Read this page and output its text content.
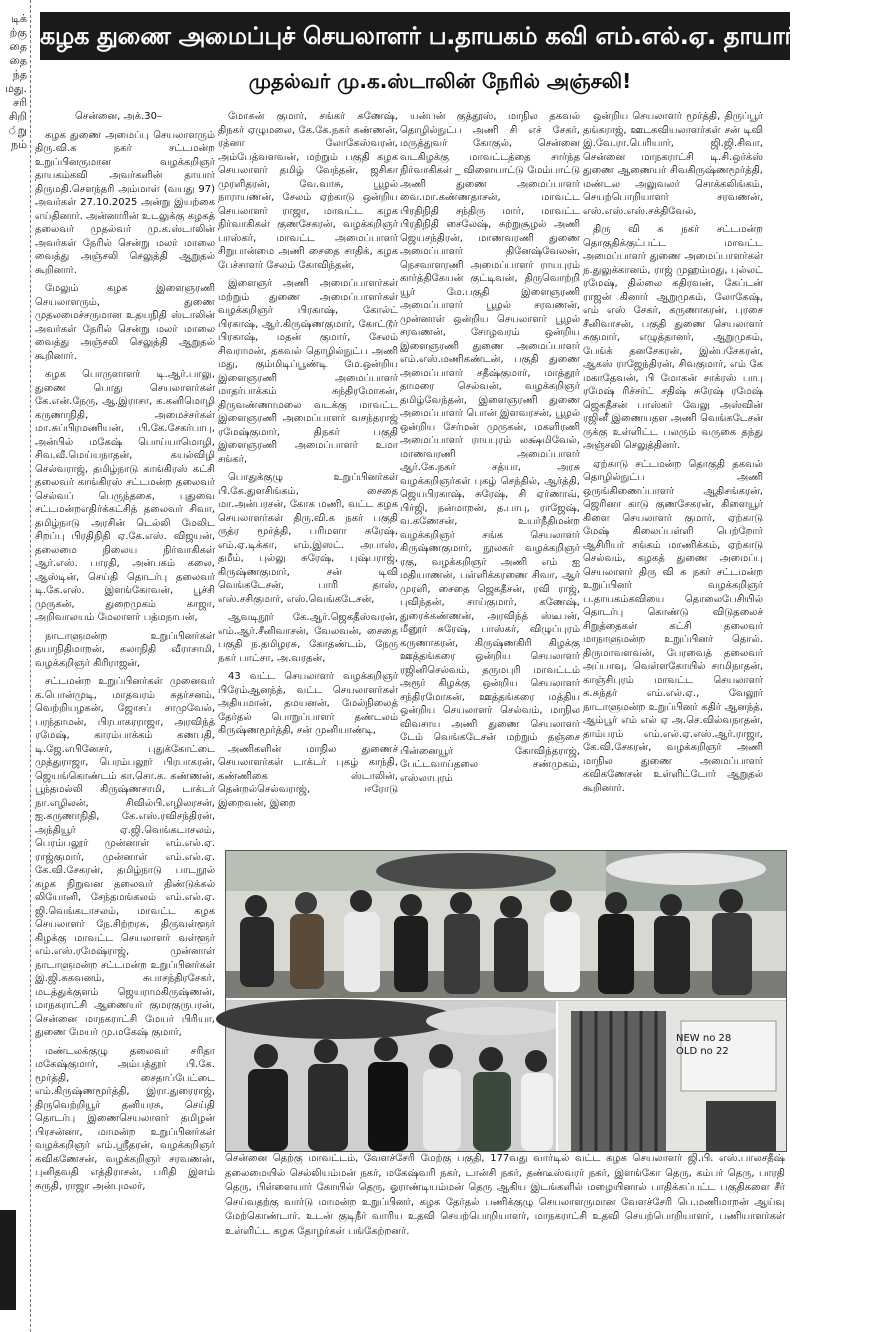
டிக்
ற்கு
தை
தை
ந்த
மது.
சரி
சிறி
்று
நம்
கழக துணை அமைப்புச் செயலாளர் ப.தாயகம் கவி எம்.எல்.ஏ. தாயார் மறைவு!
முதல்வர் மு.க.ஸ்டாலின் நேரில் அஞ்சலி!

சென்னை, அக்.30–

கழக துணை அமைப்பு செயலாளரும் திரு.வி.க நகர் சட்டமன்ற உறுப்பினருமான வழக்கறிஞர் தாயகம்கவி அவர்களின் தாயார் திருமதி.சௌந்தரி அம்மாள் (வயது 97) அவர்கள் 27.10.2025 அன்று இயற்கை எய்தினார். அன்னாரின் உடலுக்கு கழகத் தலைவர் முதல்வர் மு.க.ஸ்டாலின் அவர்கள் நேரில் சென்று மலர் மாலை வைத்து அஞ்சலி செலுத்தி ஆறுதல் கூறினார்.

மேலும் கழக இளைஞரணி செயலாளரும், துணை முதலமைச்சருமான உதயநிதி ஸ்டாலின் அவர்கள் நேரில் சென்று மலர் மாலை வைத்து அஞ்சலி செலுத்தி ஆறுதல் கூறினார்.

கழக பொருளாளர் டி.ஆர்.பாலு, துணை பொது செயலாளர்கள் கே.என்.நேரு, ஆ.இராசா, க.கனிமொழி கருணாநிதி, அமைச்சர்கள் மா.சுப்பிரமணியன், பி.கே.சேகர்பாபு, அன்பில் மகேஷ் பொய்யாமொழி, சிவ.வீ.மெய்யநாதன், கயல்விழி செல்வராஜ், தமிழ்நாடு காங்கிரஸ் கட்சி தலைவர் காங்கிரஸ் சட்டமன்ற தலைவர் செல்வப் பெருந்தகை, புதுவை சட்டமன்றஎதிர்க்கட்சித் தலைவர் சிவா, தமிழ்நாடு அரசின் டெல்லி மேலிட சிறப்பு பிரதிநிதி ஏ.கே.எஸ். விஜயன், தலைமை நிலைய நிர்வாகிகள் ஆர்.எஸ். பாரதி, அன்பகம் கலை, ஆஸ்டின், செய்தி தொடர்பு தலைவர் டி.கே.எஸ். இளங்கோவன், பூச்சி முருகன், துறைமுகம் காஜா, அறிவாலயம் மேலாளர் பத்மநாபன்,

நாடாளுமன்ற உறுப்பினர்கள் தயாநிதிமாறன், கலாநிதி வீராசாமி, வழக்கறிஞர் கிரிராஜன்,

சட்டமன்ற உறுப்பினர்கள் முனைவர் க.பொன்முடி, மாதவரம் சுதர்சனம், வெற்றியழகன், ஜோசப் சாமுவேல், பரந்தாமன், பிரபாகரராஜா, அரவிந்த் ரமேஷ், காரம்பாக்கம் கணபதி, டி.ஜே.எபினேசர், புதுக்கோட்டை முத்துராஜா, பெரம்பலூர் பிரபாகரன், ஜெயங்கொண்டம் கா.சொ.க. கண்ணன், பூந்தமல்லி கிருஷ்ணசாமி, டாக்டர் நா.எழிலன், சிவில்பி.எழிலரசன், ஐ.கருணாநிதி, கே.எஸ்.ரவிசந்திரன், அந்தியூர் ஏ.ஜி.வெங்கடாசலம், பெரம்பலூர் முன்னாள் எம்.எல்.ஏ. ராஜ்குமார், முன்னாள் எம்.எல்.ஏ. கே.வி.சேகரன், தமிழ்நாடு பாடநூல் கழக நிறுவன தலைவர் திண்டுக்கல் லியோனி, சேந்தமங்கலம் எம்.எல்.ஏ. ஜி.வெங்கடாசலம், மாவட்ட கழக செயலாளர் நே.சிற்றரசு, திருவள்ளூர் கிழக்கு மாவட்ட செயலாளர் வள்ளூர் எம்.எஸ்.ரமேஷ்ராஜ், முன்னாள் நாடாளுமன்ற சட்டமன்ற உறுப்பினர்கள் இ.ஜி.சுகவனம், சுபாசந்திரசேகர், மடத்துக்குளம் ஜெயராமகிருஷ்ணன், மாநகராட்சி ஆணையர் குமரகுருபரன், சென்னை மாநகராட்சி மேயர் பிரியா, துணை மேயர் மு.மகேஷ் குமார்,

மண்டலக்குழு தலைவர் சரிதா மகேஷ்குமார், அம்பத்தூர் பி.கே. மூர்த்தி, சைதாப்பேட்டை எம்.கிருஷ்ணமூர்த்தி, இரா.துரைராஜ், திருவெற்றியூர் தனியரசு, செய்தி தொடர்பு இணைசெயலாளர் தமிழன் பிரசன்னா, மாமன்ற உறுப்பினர்கள் வழக்கறிஞர் எம்.ஸ்ரீதரன், வழக்கறிஞர் கவிகணேசன், வழக்கறிஞர் சரவணன், புனிதவதி எத்திராசன், பரிதி இளம் சுருதி, ராஜா அன்புமலர்,

மோகன் குமார், சங்கர் கணேஷ், திநகர் ஏழுமலை, கே.கே.நகர் கண்ணன், ரத்னா லோகேஸ்வரன், அம்பேத்வளவன், மற்றும் பகுதி கழக செயலாளர் தமிழ் வேந்தன், ஜசிகா முரளிதரன், வே.வாசு, பூழல் நாராயணன், சேலம் ஏற்காடு ஒன்றிய செயலாளர் ராஜா, மாவட்ட கழக நிர்வாகிகள் குணசேகரன், வழக்கறிஞர் பாஸ்கர், மாவட்ட அமைப்பாளர் சிறுபான்மை அணி சைதை சாதிக், கழக பேச்சாளர் சேலம் கோவிந்தன்,

இளைஞர் அணி அமைப்பாளர்கள் மற்றும் துணை அமைப்பாளர்கள் வழக்கறிஞர் பிரகாஷ், கோல்ட் பிரகாஷ், ஆர்.கிருஷ்ணகுமார், கோட்டூர் பிரகாஷ், மதன் குமார், சேலம் சிவராமன், தகவல் தொழில்நுட்ப அணி மது, கும்மிடிப்பூண்டி மே.ஒன்றிய இளைஞரணி அமைப்பாளர் மாதர்பாக்கம் சுந்திரமோகன், திருவண்ணாமலை வடக்கு மாவட்ட இளைஞரணி அமைப்பாளர் வசந்தராஜ் ரமேஷ்குமார், திநகர் பகுதி இளைஞரணி அமைப்பாளர் உமா சங்கர்,

பொதுக்குழு உறுப்பினர்கள் பி.கே.துளசிங்கம், சைதை மா.அன்பரசன், கோக மணி, வட்ட கழக செயலாளர்கள் திரு.வி.க நகர் பகுதி ருத்ர மூர்த்தி, பரிமளா சுரேஷ், எம்.ஏ.டிக்கா, எம்.இஸட். அபாஸ், தமீம், புல்லு சுரேஷ், புஷ்பராஜ், கிருஷ்ணகுமார், சன் டிவி வெங்கடேசன், பாரி தாஸ், எஸ்.சசிகுமார், எஸ்.வெங்கடேசன்,

ஆவடிநூர் கே.ஆர்.ஜெகதீஸ்வரன், எம்.ஆர்.சீனிவாசன், வேலவன், சைதை பகுதி ந.தமிழரசு, கோதண்டம், நேரு நகர் பாட்சா, அ.வரதன்,

43 வட்ட செயலாளர் வழக்கறிஞர் பிரேம்ஆனந்த், வட்ட செயலாளர்கள் அதியமான், தமயனன், மேல்நிலைத் தேர்தல் பொறுப்பாளர் தண்டலம் கிருஷ்ணமூர்த்தி, சன் முனியாண்டி,

அணிகளின் மாநில துணைச் செயலாளர்கள் டாக்டர் புகழ் காந்தி, கண்ணிகை ஸ்டாலின், தென்றல்செல்வராஜ், ஈரோடு இறைவன், இறை

யன்பன் குத்தூஸ், மாநில தகவல் தொழில்நுட்ப அணி சி எச் சேகர், மருத்துவர் கோகுல், சென்னை வடகிழக்கு மாவட்டத்தை சார்ந்த நிர்வாகிகள் _ விளையாட்டு மேம்பாட்டு அணி துணை அமைப்பாளர் வை.மா.கண்ணதாசன், மாவட்ட பிரதிநிதி சந்திரு மார், மாவட்ட பிரதிநிதி சைலேஷ், சுற்றுசூழல் அணி ஜெயசந்திரன், மாணவரணி துணை அமைப்பாளர் தினேஷ்வேலன், நெசவாளரணி அமைப்பாளர் ராயபுரம் கார்த்திகேயன் குட்டிவன், திருவொற்றி யூர் மே.பகுதி இளைஞரணி அமைப்பாளர் பூழல் சரவணன், முன்னாள் ஒன்றிய செயலாளர் பூழல் சரவணன், சோழவரம் ஒன்றிய இளைஞரணி துணை அமைப்பாளர் எம்.எஸ்.மணிகண்டன், பகுதி துணை அமைப்பாளர் சதீஷ்குமார், மாத்தூர் தாமரை செல்வன், வழக்கறிஞர் தமிழ்வேந்தன், இளைஞரணி துணை அமைப்பாளர் பொன் இளவரசன், பூழல் ஒன்றிய சேர்மன் முருகன், மகளிரணி அமைப்பாளர் ராயபுரம் லக்ஷ்மிவேல், மாணவரணி அமைப்பாளர் ஆர்.கே.நகர் சத்யா, அரசு வழக்கறிஞர்கள் புகழ் செந்தில், ஆர்த்தி, ஜெயபிரகாஷ், சுரேஷ், சி ஏர்ணாவ், பிர்ஜி, நன்மாறன், த.பாபு, ராஜேஷ், வ.கணேசன், உயர்நீதிமன்ற வழக்கறிஞர் சங்க செயலாளர் கிருஷ்ணகுமார், நூலகர் வழக்கறிஞர் ரகு, வழக்கறிஞர் அணி எம் ஐ மதியாணன், பள்ளிக்கரணை சிவா, ஆர் முரளி, சைதை ஜெகதீசன், ரவி ராஜ், புவிந்தன், சாய்குமார், கணேஷ், துரைக்கண்ணன், அரவிந்த் ஸ்டீபன், மீனூர் சுரேஷ், பாஸ்கர், விழுப்புரம் கருணாகரன், கிருஷ்ணகிரி கிழக்கு ஊத்தங்கரை ஒன்றிய செயலாளர் ரஜினிசெல்வம், தருமபுரி மாவட்டம் அரூர் கிழக்கு ஒன்றிய செயலாளர் சந்திரமோகன், ஊத்தங்கரை மத்திய ஒன்றிய செயலாளர் செல்வம், மாநில விவசாய அணி துணை செயலாளர் டேம் வெங்கடேசன் மற்றும் தஞ்சை பின்னையூர் கோவிந்தராஜ், பேட்டவாய்தலை சண்முகம், எஸ்லாபுரம்

ஒன்றிய செயலாளர் மூர்த்தி, திருப்பூர் தங்கராஜ், ஊடகவியலாளர்கள் சன் டிவி இ.வே.ரா.பெரியார், ஜி.ஜி.சிவா, சென்னை மாநகராட்சி டி.சி.ஒர்க்ஸ் துணை ஆணையர் சிவகிருஷ்ணமூர்த்தி, மண்டல அலுவலர் சொக்கலிங்கம், செயற்பொறியாளர் சரவணன், எஸ்.எஸ்.எஸ்.சக்திவேல்,

திரு வி க நகர் சட்டமன்ற தொகுதிக்குட்பட்ட மாவட்ட அமைப்பாளர் துணை அமைப்பாளர்கள் ந.துலுக்கானம், ராஜ் முஹம்மது, புல்லட் ரமேஷ், தில்லை கதிரவன், கேப்டன் ராஜன் கினார் ஆறுமுகம், லோகேஷ், எம் எஸ் சேகர், கருணாகரன், புரசை சீனிவாசன், பகுதி துணை செயலாளர் சுகுமார், எழுத்தானர், ஆறுமுகம், பேங்க் தனசேகரன், இன்பசேகரன், ஆகஸ் ராஜேந்திரன், சிவகுமார், எம் கே மகாதேவன், பி மோகன் சாக்ரஸ் பாபு ரமேஷ் ரிச்சர்ட் சதிஷ் சுரேஷ் ரமேஷ் ஜெகதீசன் பாஸ்கர் வேலு அஸ்வின் ரஜினீ இணையதள அணி வெங்கடேசன் ருக்கு உள்ளிட்ட பலரும் வருகை தந்து அஞ்சலி செலுத்தினர்.

ஏற்காடு சட்டமன்ற தொகுதி தகவல் தொழில்நுட்ப அணி ஒருங்கிணைப்பாளர் ஆதிசங்கரன், ஜெரினா காடு குணசேகரன், கிளையூர் கிளை செயலாளர் குமார், ஏற்காடு மேஷ் கிலைப்பள்ளி பெற்றோர் ஆசிரியர் சங்கம் மாணிக்கம், ஏற்காடு செல்வம், கழகத் துணை அமைப்பு செயலாளர் திரு வி க நகர் சட்டமன்ற உறுப்பினர் வழக்கறிஞர் ப.தாயகம்கவியை தொலைபேசியில் தொடர்பு கொண்டு விடுதலைச் சிறுத்தைகள் கட்சி தலைவர் மாநாளுமன்ற உறுப்பினர் தொல். திருமாவளவன், பேரவைத் தலைவர் அப்பாவு, வெள்ளகோயில் சாமிநாதன், காஞ்சிபுரம் மாவட்ட செயலாளர் க.சுந்தர் எம்.எல்.ஏ., வேலூர் நாடாளுமன்ற உறுப்பினர் கதிர் ஆனந்த், ஆம்பூர் எம் எல் ஏ அ.செ.வில்வநாதன், தாம்பரம் எம்.எல்.ஏ.எஸ்.ஆர்.ராஜா, கே.வி.சேகரன், வழக்கறிஞர் அணி மாநில துணை அமைப்பாளர் கவிகணேசன் உள்ளிட்டோர் ஆறுதல் கூறினார்.

NEW no 28
OLD no 22
சென்னை தெற்கு மாவட்டம், வேளச்சேரி மேற்கு பகுதி, 177வது வார்டில் வட்ட கழக செயலாளர் ஜி.பி. எஸ்.பாலசதீஷ் தலைமையில் செல்லியம்மன் நகர், மகேஷ்வரி நகர், டான்சி நகர், தண்டீஸ்வரர் நகர், இளங்கோ தெரு, கம்பர் தெரு, பாரதி தெரு, பிள்ளையார் கோயில் தெரு, ஓராண்டியம்மன் தெரு ஆகிய இடங்களில் மழையினால் பாதிக்கப்பட்ட பகுதிகளை சீர் செய்வதற்கு வார்டு மாமன்ற உறுப்பினர், கழக தேர்தல் பணிக்குழு செயலாளருமான வேளச்சேரி பெ.மணிமாறன் ஆய்வு மேற்கொண்டார். உடன் குடிநீர் வாரிய உதவி செயற்பொறியாளர், மாநகராட்சி உதவி செயற்பொறியாளர், பணியாளர்கள் உள்ளிட்ட கழக தோழர்கள் பங்கேற்றனர்.
